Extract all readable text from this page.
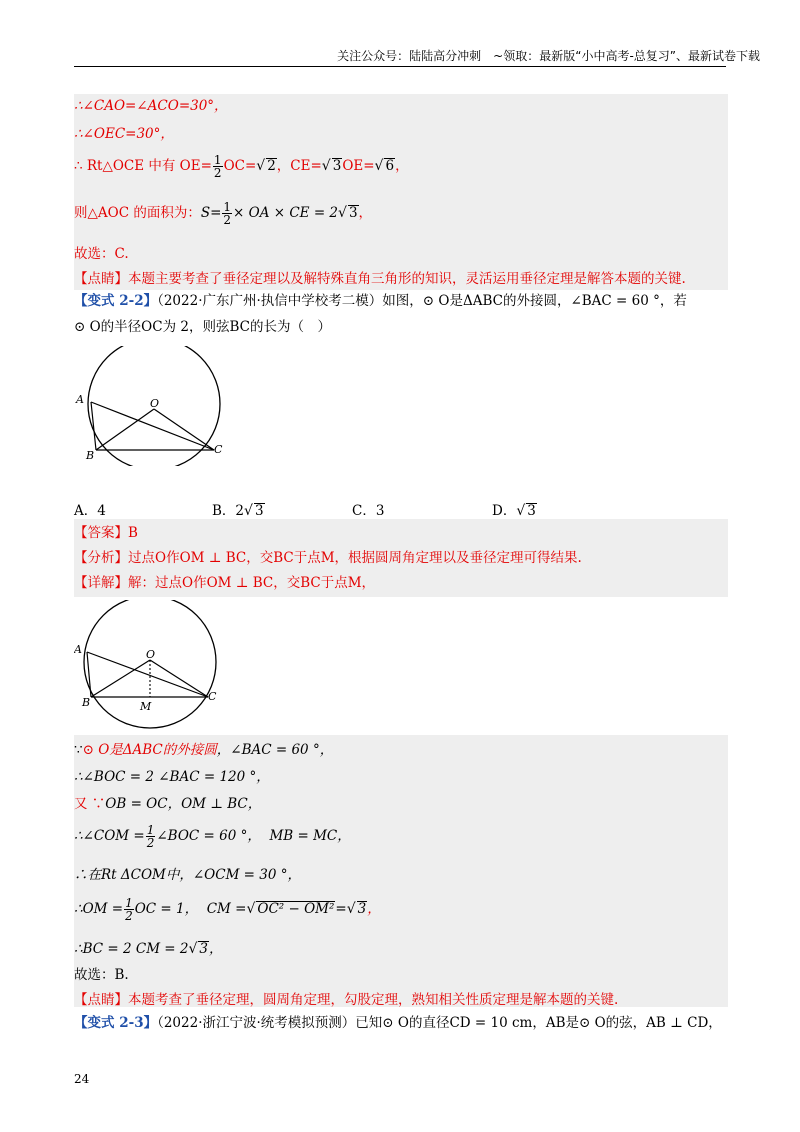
关注公众号：陆陆高分冲刺　~领取：最新版“小中高考-总复习”、最新试卷下载
∴∠CAO=∠ACO=30°，
∴∠OEC=30°，
∴ Rt△OCE 中有 $OE= \frac{1}{2} OC=√$ 2，CE=√ 3OE=√ 6，
则△AOC 的面积为：$S= \frac{1}{2}$ × OA × CE = 2√ 3，
故选：C.
【点睛】本题主要考查了垂径定理以及解特殊直角三角形的知识，灵活运用垂径定理是解答本题的关键.
【变式 2-2】（2022·广东广州·执信中学校考二模）如图，⊙ O是ΔABC的外接圆，∠BAC = 60 °，若
⊙ O的半径OC为 2，则弦BC的长为（　）
A
B	C
O
A．4	B．2√ 3	C．3	D．√ 3
【答案】B
【分析】过点O作OM ⊥ BC，交BC于点M，根据圆周角定理以及垂径定理可得结果.
【详解】解：过点O作OM ⊥ BC，交BC于点M，
A
B	C
O
M
∵⊙ O是ΔABC的外接圆，∠BAC = 60 °，
∴∠BOC = 2 ∠BAC = 120 °，
又 ∵OB = OC，OM ⊥ BC，
∴∠COM = $\frac{1}{2}$ ∠BOC = 60 °， MB = MC，
∴在Rt ΔCOM中，∠OCM = 30 °，
∴OM = $\frac{1}{2}$ OC = 1， CM =√ OC² − OM²=√ 3，
∴BC = 2 CM = 2√ 3，
故选：B.
【点睛】本题考查了垂径定理，圆周角定理，勾股定理，熟知相关性质定理是解本题的关键.
【变式 2-3】（2022·浙江宁波·统考模拟预测）已知⊙ O的直径CD = 10 cm，AB是⊙ O的弦，AB ⊥ CD，
24
